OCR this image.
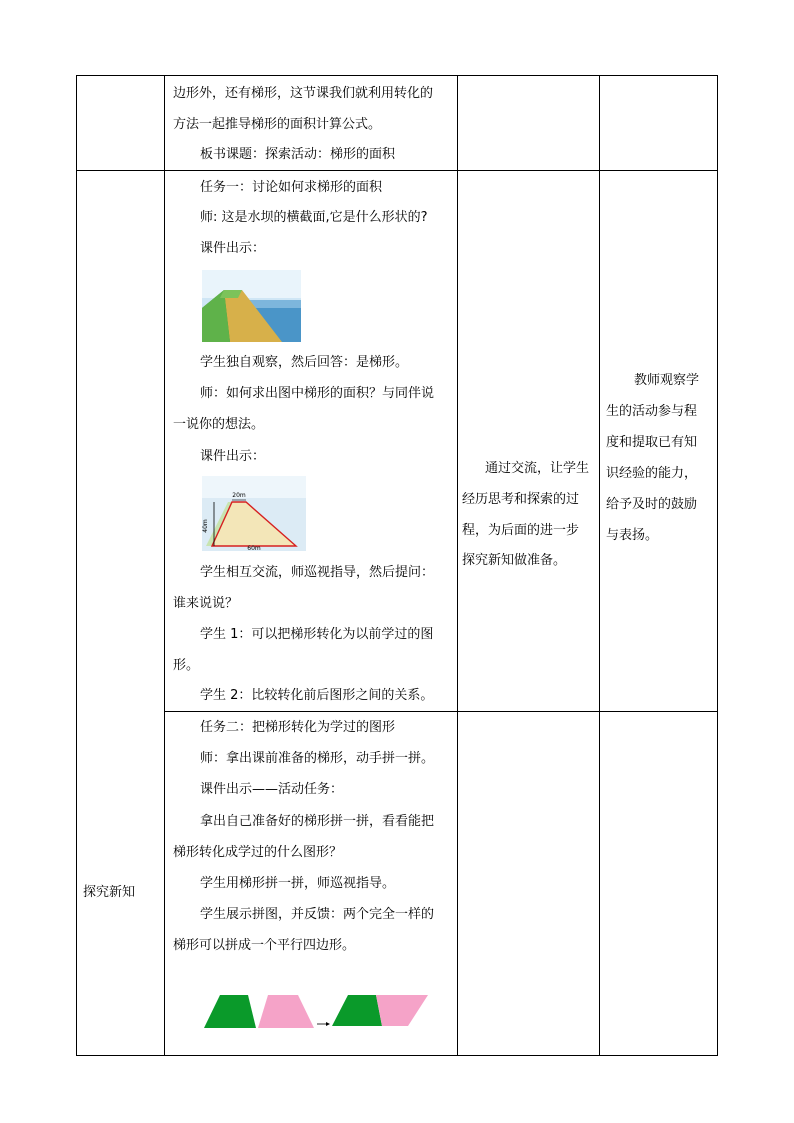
边形外，还有梯形，这节课我们就利用转化的
方法一起推导梯形的面积计算公式。
板书课题：探索活动：梯形的面积
任务一：讨论如何求梯形的面积
师: 这是水坝的横截面,它是什么形状的?
课件出示：
学生独自观察，然后回答：是梯形。
师：如何求出图中梯形的面积？与同伴说
一说你的想法。
课件出示：
20m
40m
60m
学生相互交流，师巡视指导，然后提问：
谁来说说？
学生 1：可以把梯形转化为以前学过的图
形。
学生 2：比较转化前后图形之间的关系。
通过交流，让学生
经历思考和探索的过
程，为后面的进一步
探究新知做准备。
教师观察学
生的活动参与程
度和提取已有知
识经验的能力，
给予及时的鼓励
与表扬。
探究新知
任务二：把梯形转化为学过的图形
师：拿出课前准备的梯形，动手拼一拼。
课件出示——活动任务：
拿出自己准备好的梯形拼一拼，看看能把
梯形转化成学过的什么图形？
学生用梯形拼一拼，师巡视指导。
学生展示拼图，并反馈：两个完全一样的
梯形可以拼成一个平行四边形。
